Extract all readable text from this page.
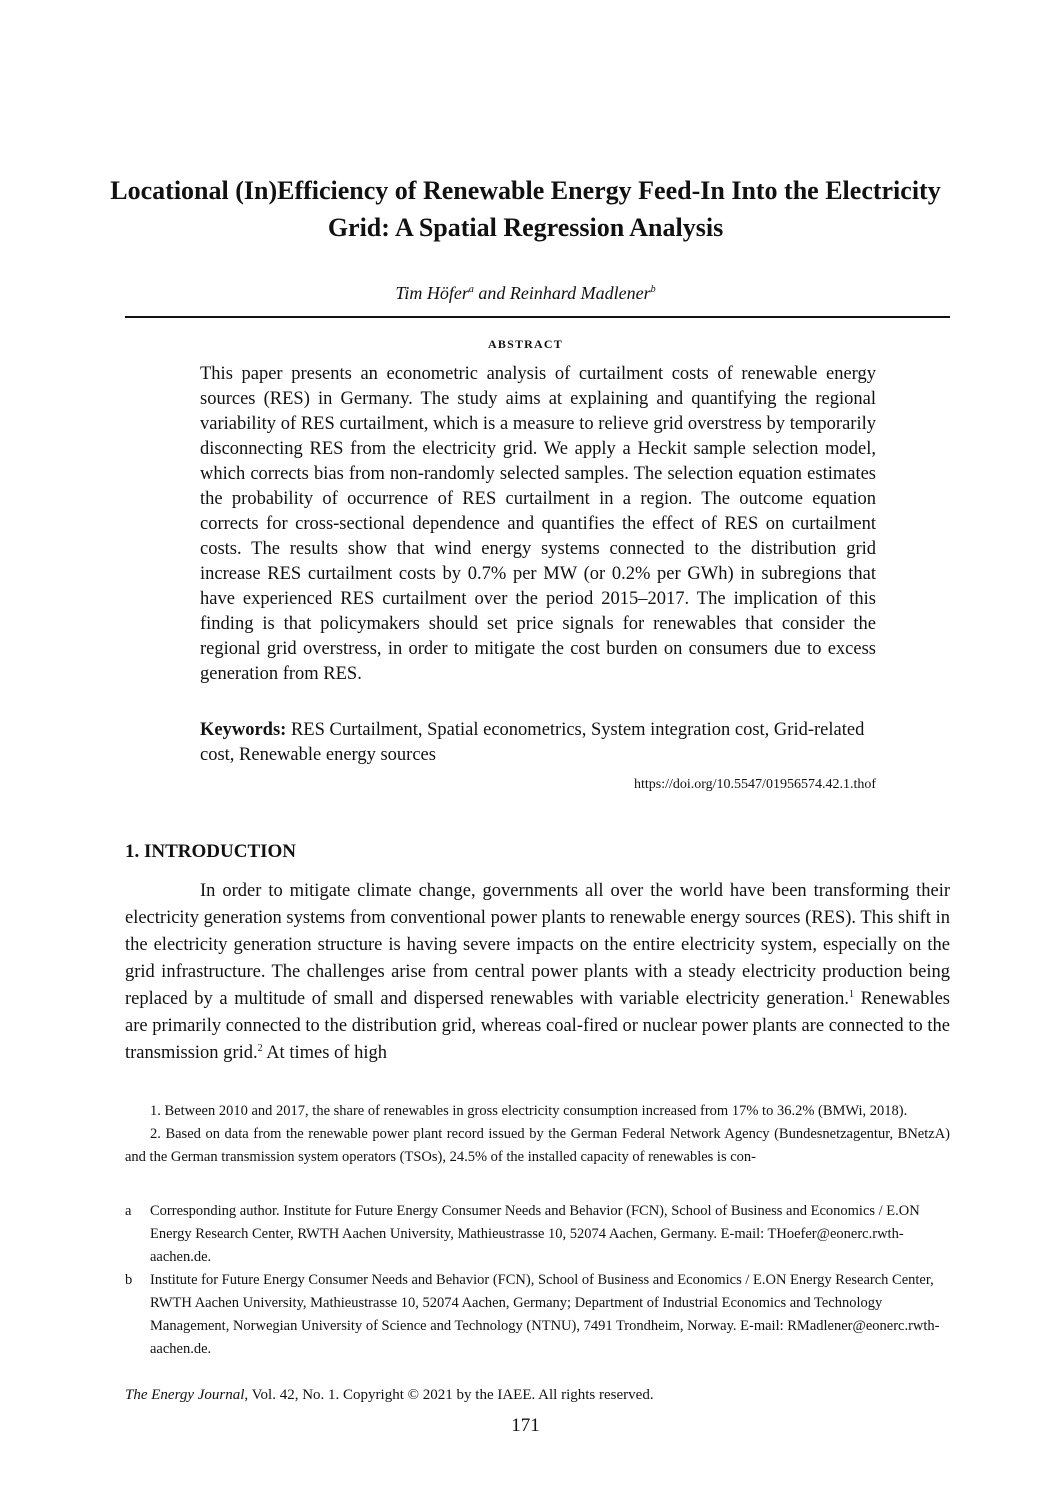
Locational (In)Efficiency of Renewable Energy Feed-In Into the Electricity Grid: A Spatial Regression Analysis
Tim Höfer$^a$ and Reinhard Madlener$^b$
ABSTRACT

This paper presents an econometric analysis of curtailment costs of renewable energy sources (RES) in Germany. The study aims at explaining and quantifying the regional variability of RES curtailment, which is a measure to relieve grid overstress by temporarily disconnecting RES from the electricity grid. We apply a Heckit sample selection model, which corrects bias from non-randomly selected samples. The selection equation estimates the probability of occurrence of RES curtailment in a region. The outcome equation corrects for cross-sectional dependence and quantifies the effect of RES on curtailment costs. The results show that wind energy systems connected to the distribution grid increase RES curtailment costs by 0.7% per MW (or 0.2% per GWh) in subregions that have experienced RES curtailment over the period 2015–2017. The implication of this finding is that policymakers should set price signals for renewables that consider the regional grid overstress, in order to mitigate the cost burden on consumers due to excess generation from RES.

Keywords: RES Curtailment, Spatial econometrics, System integration cost, Grid-related cost, Renewable energy sources

https://doi.org/10.5547/01956574.42.1.thof
1. INTRODUCTION

In order to mitigate climate change, governments all over the world have been transforming their electricity generation systems from conventional power plants to renewable energy sources (RES). This shift in the electricity generation structure is having severe impacts on the entire electricity system, especially on the grid infrastructure. The challenges arise from central power plants with a steady electricity production being replaced by a multitude of small and dispersed renewables with variable electricity generation.$^1$ Renewables are primarily connected to the distribution grid, whereas coal-fired or nuclear power plants are connected to the transmission grid.$^2$ At times of high

1. Between 2010 and 2017, the share of renewables in gross electricity consumption increased from 17% to 36.2% (BMWi, 2018).

2. Based on data from the renewable power plant record issued by the German Federal Network Agency (Bundesnetzagentur, BNetzA) and the German transmission system operators (TSOs), 24.5% of the installed capacity of renewables is con-

a	Corresponding author. Institute for Future Energy Consumer Needs and Behavior (FCN), School of Business and Economics / E.ON Energy Research Center, RWTH Aachen University, Mathieustrasse 10, 52074 Aachen, Germany. E-mail: THoefer@eonerc.rwth-aachen.de.
b	Institute for Future Energy Consumer Needs and Behavior (FCN), School of Business and Economics / E.ON Energy Research Center, RWTH Aachen University, Mathieustrasse 10, 52074 Aachen, Germany; Department of Industrial Economics and Technology Management, Norwegian University of Science and Technology (NTNU), 7491 Trondheim, Norway. E-mail: RMadlener@eonerc.rwth-aachen.de.
The Energy Journal, Vol. 42, No. 1. Copyright © 2021 by the IAEE. All rights reserved.
171
